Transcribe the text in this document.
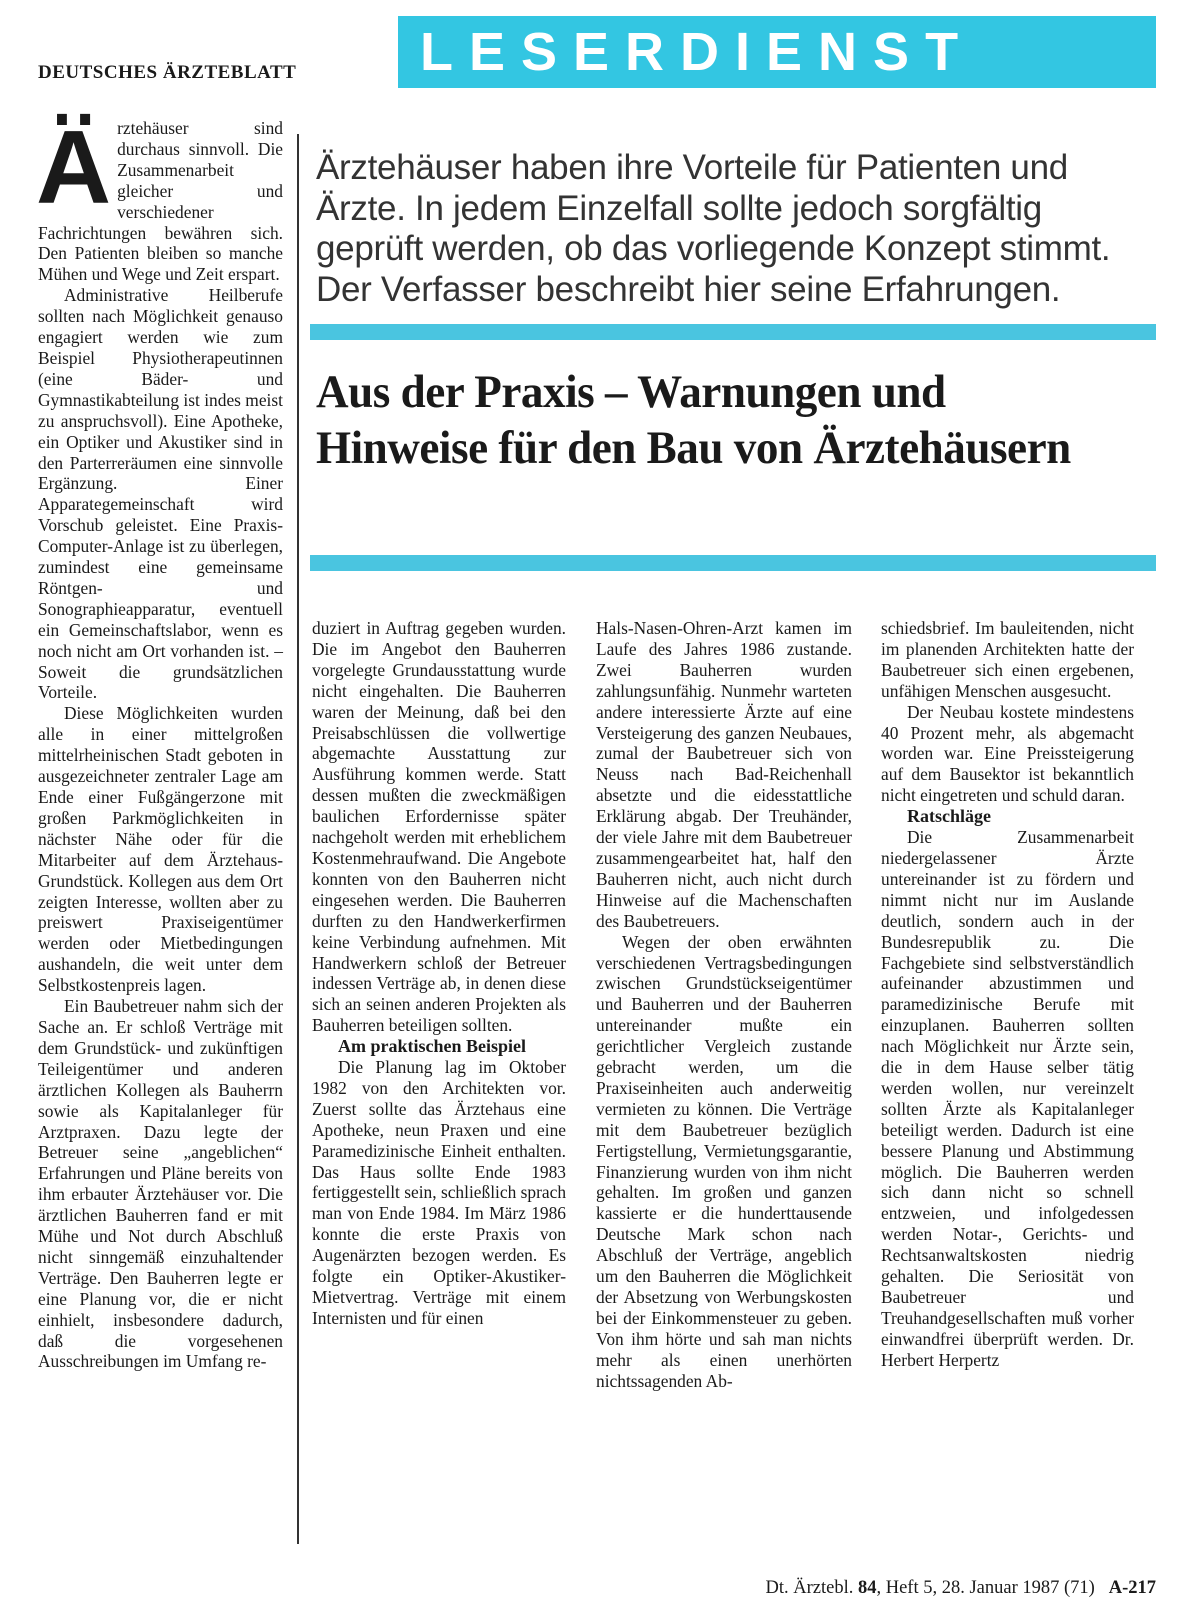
DEUTSCHES ÄRZTEBLATT LESERDIENST
Ärztehäuser haben ihre Vorteile für Patienten und Ärzte. In jedem Einzelfall sollte jedoch sorgfältig geprüft werden, ob das vorliegende Konzept stimmt. Der Verfasser beschreibt hier seine Erfahrungen.
Aus der Praxis – Warnungen und Hinweise für den Bau von Ärztehäusern
Ä rztehäuser sind durchaus sinnvoll. Die Zusammenarbeit gleicher und verschiedener Fachrichtungen bewähren sich. Den Patienten bleiben so manche Mühen und Wege und Zeit erspart.

Administrative Heilberufe sollten nach Möglichkeit genauso engagiert werden wie zum Beispiel Physiotherapeutinnen (eine Bäder- und Gymnastikabteilung ist indes meist zu anspruchsvoll). Eine Apotheke, ein Optiker und Akustiker sind in den Parterreräumen eine sinnvolle Ergänzung. Einer Apparategemeinschaft wird Vorschub geleistet. Eine Praxis-Computer-Anlage ist zu überlegen, zumindest eine gemeinsame Röntgen- und Sonographieapparatur, eventuell ein Gemeinschaftslabor, wenn es noch nicht am Ort vorhanden ist. – Soweit die grundsätzlichen Vorteile.

Diese Möglichkeiten wurden alle in einer mittelgroßen mittelrheinischen Stadt geboten in ausgezeichneter zentraler Lage am Ende einer Fußgängerzone mit großen Parkmöglichkeiten in nächster Nähe oder für die Mitarbeiter auf dem Ärztehaus-Grundstück. Kollegen aus dem Ort zeigten Interesse, wollten aber zu preiswert Praxiseigentümer werden oder Mietbedingungen aushandeln, die weit unter dem Selbstkostenpreis lagen.

Ein Baubetreuer nahm sich der Sache an. Er schloß Verträge mit dem Grundstück- und zukünftigen Teileigentümer und anderen ärztlichen Kollegen als Bauherrn sowie als Kapitalanleger für Arztpraxen. Dazu legte der Betreuer seine „angeblichen“ Erfahrungen und Pläne bereits von ihm erbauter Ärztehäuser vor. Die ärztlichen Bauherren fand er mit Mühe und Not durch Abschluß nicht sinngemäß einzuhaltender Verträge. Den Bauherren legte er eine Planung vor, die er nicht einhielt, insbesondere dadurch, daß die vorgesehenen Ausschreibungen im Umfang re-

duziert in Auftrag gegeben wurden. Die im Angebot den Bauherren vorgelegte Grundausstattung wurde nicht eingehalten. Die Bauherren waren der Meinung, daß bei den Preisabschlüssen die vollwertige abgemachte Ausstattung zur Ausführung kommen werde. Statt dessen mußten die zweckmäßigen baulichen Erfordernisse später nachgeholt werden mit erheblichem Kostenmehraufwand. Die Angebote konnten von den Bauherren nicht eingesehen werden. Die Bauherren durften zu den Handwerkerfirmen keine Verbindung aufnehmen. Mit Handwerkern schloß der Betreuer indessen Verträge ab, in denen diese sich an seinen anderen Projekten als Bauherren beteiligen sollten.

Am praktischen Beispiel

Die Planung lag im Oktober 1982 von den Architekten vor. Zuerst sollte das Ärztehaus eine Apotheke, neun Praxen und eine Paramedizinische Einheit enthalten. Das Haus sollte Ende 1983 fertiggestellt sein, schließlich sprach man von Ende 1984. Im März 1986 konnte die erste Praxis von Augenärzten bezogen werden. Es folgte ein Optiker-Akustiker-Mietvertrag. Verträge mit einem Internisten und für einen

Hals-Nasen-Ohren-Arzt kamen im Laufe des Jahres 1986 zustande. Zwei Bauherren wurden zahlungsunfähig. Nunmehr warteten andere interessierte Ärzte auf eine Versteigerung des ganzen Neubaues, zumal der Baubetreuer sich von Neuss nach Bad-Reichenhall absetzte und die eidesstattliche Erklärung abgab. Der Treuhänder, der viele Jahre mit dem Baubetreuer zusammengearbeitet hat, half den Bauherren nicht, auch nicht durch Hinweise auf die Machenschaften des Baubetreuers.

Wegen der oben erwähnten verschiedenen Vertragsbedingungen zwischen Grundstückseigentümer und Bauherren und der Bauherren untereinander mußte ein gerichtlicher Vergleich zustande gebracht werden, um die Praxiseinheiten auch anderweitig vermieten zu können. Die Verträge mit dem Baubetreuer bezüglich Fertigstellung, Vermietungsgarantie, Finanzierung wurden von ihm nicht gehalten. Im großen und ganzen kassierte er die hunderttausende Deutsche Mark schon nach Abschluß der Verträge, angeblich um den Bauherren die Möglichkeit der Absetzung von Werbungskosten bei der Einkommensteuer zu geben. Von ihm hörte und sah man nichts mehr als einen unerhörten nichtssagenden Ab-

schiedsbrief. Im bauleitenden, nicht im planenden Architekten hatte der Baubetreuer sich einen ergebenen, unfähigen Menschen ausgesucht.

Der Neubau kostete mindestens 40 Prozent mehr, als abgemacht worden war. Eine Preissteigerung auf dem Bausektor ist bekanntlich nicht eingetreten und schuld daran.

Ratschläge

Die Zusammenarbeit niedergelassener Ärzte untereinander ist zu fördern und nimmt nicht nur im Auslande deutlich, sondern auch in der Bundesrepublik zu. Die Fachgebiete sind selbstverständlich aufeinander abzustimmen und paramedizinische Berufe mit einzuplanen. Bauherren sollten nach Möglichkeit nur Ärzte sein, die in dem Hause selber tätig werden wollen, nur vereinzelt sollten Ärzte als Kapitalanleger beteiligt werden. Dadurch ist eine bessere Planung und Abstimmung möglich. Die Bauherren werden sich dann nicht so schnell entzweien, und infolgedessen werden Notar-, Gerichts- und Rechtsanwaltskosten niedrig gehalten. Die Seriosität von Baubetreuer und Treuhandgesellschaften muß vorher einwandfrei überprüft werden. Dr. Herbert Herpertz

Dt. Ärztebl. 84, Heft 5, 28. Januar 1987 (71) A-217
